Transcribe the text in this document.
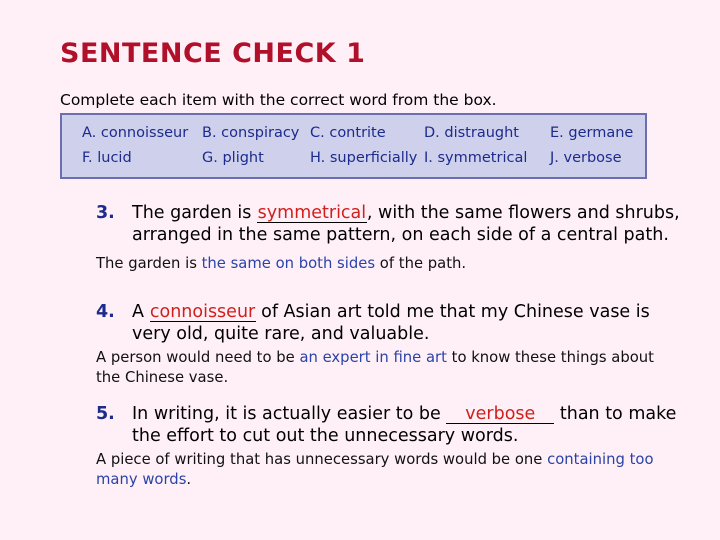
SENTENCE CHECK 1
Complete each item with the correct word from the box.
A. connoisseur B. conspiracy C. contrite	D. distraught E. germane
F. lucid	G. plight	H. superficially I. symmetrical J. verbose
3. The garden is symmetrical, with the same flowers and shrubs,
arranged in the same pattern, on each side of a central path.
The garden is the same on both sides of the path.
4. A connoisseur of Asian art told me that my Chinese vase is
very old, quite rare, and valuable.
A person would need to be an expert in fine art to know these things about the Chinese vase.
5. In writing, it is actually easier to be verbose than to make
the effort to cut out the unnecessary words.
A piece of writing that has unnecessary words would be one containing too many words.
